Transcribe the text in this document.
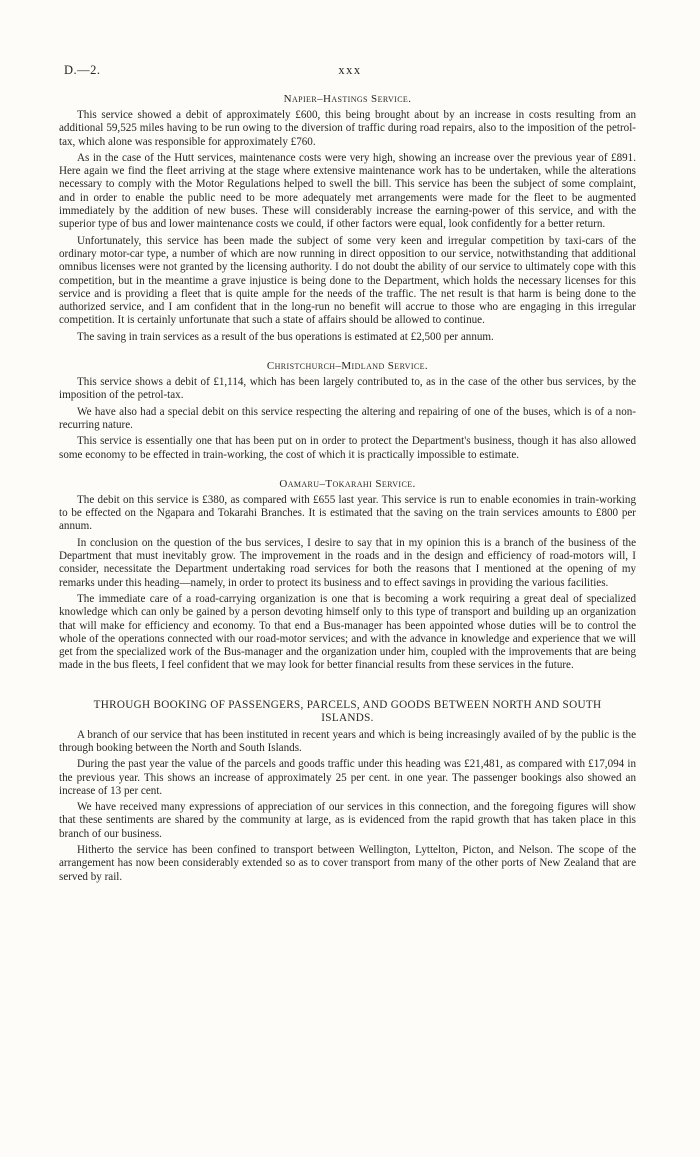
D.—2.	xxx
Napier–Hastings Service.

This service showed a debit of approximately £600, this being brought about by an increase in costs resulting from an additional 59,525 miles having to be run owing to the diversion of traffic during road repairs, also to the imposition of the petrol-tax, which alone was responsible for approximately £760.

As in the case of the Hutt services, maintenance costs were very high, showing an increase over the previous year of £891. Here again we find the fleet arriving at the stage where extensive maintenance work has to be undertaken, while the alterations necessary to comply with the Motor Regulations helped to swell the bill. This service has been the subject of some complaint, and in order to enable the public need to be more adequately met arrangements were made for the fleet to be augmented immediately by the addition of new buses. These will considerably increase the earning-power of this service, and with the superior type of bus and lower maintenance costs we could, if other factors were equal, look confidently for a better return.

Unfortunately, this service has been made the subject of some very keen and irregular competition by taxi-cars of the ordinary motor-car type, a number of which are now running in direct opposition to our service, notwithstanding that additional omnibus licenses were not granted by the licensing authority. I do not doubt the ability of our service to ultimately cope with this competition, but in the meantime a grave injustice is being done to the Department, which holds the necessary licenses for this service and is providing a fleet that is quite ample for the needs of the traffic. The net result is that harm is being done to the authorized service, and I am confident that in the long-run no benefit will accrue to those who are engaging in this irregular competition. It is certainly unfortunate that such a state of affairs should be allowed to continue.

The saving in train services as a result of the bus operations is estimated at £2,500 per annum.

Christchurch–Midland Service.

This service shows a debit of £1,114, which has been largely contributed to, as in the case of the other bus services, by the imposition of the petrol-tax.

We have also had a special debit on this service respecting the altering and repairing of one of the buses, which is of a non-recurring nature.

This service is essentially one that has been put on in order to protect the Department's business, though it has also allowed some economy to be effected in train-working, the cost of which it is practically impossible to estimate.

Oamaru–Tokarahi Service.

The debit on this service is £380, as compared with £655 last year. This service is run to enable economies in train-working to be effected on the Ngapara and Tokarahi Branches. It is estimated that the saving on the train services amounts to £800 per annum.

In conclusion on the question of the bus services, I desire to say that in my opinion this is a branch of the business of the Department that must inevitably grow. The improvement in the roads and in the design and efficiency of road-motors will, I consider, necessitate the Department undertaking road services for both the reasons that I mentioned at the opening of my remarks under this heading—namely, in order to protect its business and to effect savings in providing the various facilities.

The immediate care of a road-carrying organization is one that is becoming a work requiring a great deal of specialized knowledge which can only be gained by a person devoting himself only to this type of transport and building up an organization that will make for efficiency and economy. To that end a Bus-manager has been appointed whose duties will be to control the whole of the operations connected with our road-motor services; and with the advance in knowledge and experience that we will get from the specialized work of the Bus-manager and the organization under him, coupled with the improvements that are being made in the bus fleets, I feel confident that we may look for better financial results from these services in the future.

THROUGH BOOKING OF PASSENGERS, PARCELS, AND GOODS BETWEEN NORTH AND SOUTH ISLANDS.

A branch of our service that has been instituted in recent years and which is being increasingly availed of by the public is the through booking between the North and South Islands.

During the past year the value of the parcels and goods traffic under this heading was £21,481, as compared with £17,094 in the previous year. This shows an increase of approximately 25 per cent. in one year. The passenger bookings also showed an increase of 13 per cent.

We have received many expressions of appreciation of our services in this connection, and the foregoing figures will show that these sentiments are shared by the community at large, as is evidenced from the rapid growth that has taken place in this branch of our business.

Hitherto the service has been confined to transport between Wellington, Lyttelton, Picton, and Nelson. The scope of the arrangement has now been considerably extended so as to cover transport from many of the other ports of New Zealand that are served by rail.
